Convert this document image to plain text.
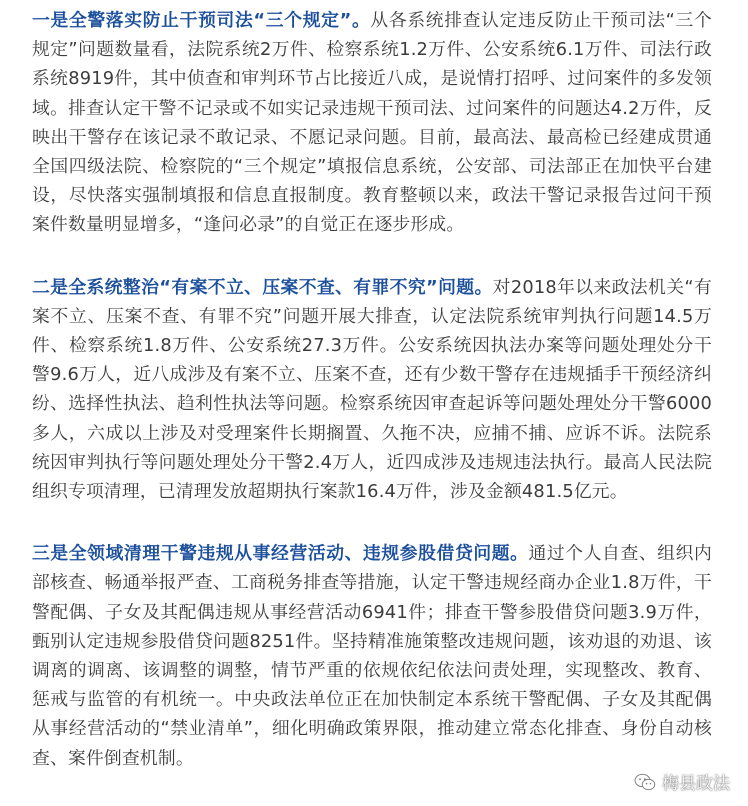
一是全警落实防止干预司法“三个规定”。从各系统排查认定违反防止干预司法“三个规定”问题数量看，法院系统2万件、检察系统1.2万件、公安系统6.1万件、司法行政系统8919件，其中侦查和审判环节占比接近八成，是说情打招呼、过问案件的多发领域。排查认定干警不记录或不如实记录违规干预司法、过问案件的问题达4.2万件，反映出干警存在该记录不敢记录、不愿记录问题。目前，最高法、最高检已经建成贯通全国四级法院、检察院的“三个规定”填报信息系统，公安部、司法部正在加快平台建设，尽快落实强制填报和信息直报制度。教育整顿以来，政法干警记录报告过问干预案件数量明显增多，“逢问必录”的自觉正在逐步形成。

二是全系统整治“有案不立、压案不查、有罪不究”问题。对2018年以来政法机关“有案不立、压案不查、有罪不究”问题开展大排查，认定法院系统审判执行问题14.5万件、检察系统1.8万件、公安系统27.3万件。公安系统因执法办案等问题处理处分干警9.6万人，近八成涉及有案不立、压案不查，还有少数干警存在违规插手干预经济纠纷、选择性执法、趋利性执法等问题。检察系统因审查起诉等问题处理处分干警6000多人，六成以上涉及对受理案件长期搁置、久拖不决，应捕不捕、应诉不诉。法院系统因审判执行等问题处理处分干警2.4万人，近四成涉及违规违法执行。最高人民法院组织专项清理，已清理发放超期执行案款16.4万件，涉及金额481.5亿元。

三是全领域清理干警违规从事经营活动、违规参股借贷问题。通过个人自查、组织内部核查、畅通举报严查、工商税务排查等措施，认定干警违规经商办企业1.8万件，干警配偶、子女及其配偶违规从事经营活动6941件；排查干警参股借贷问题3.9万件，甄别认定违规参股借贷问题8251件。坚持精准施策整改违规问题，该劝退的劝退、该调离的调离、该调整的调整，情节严重的依规依纪依法问责处理，实现整改、教育、惩戒与监管的有机统一。中央政法单位正在加快制定本系统干警配偶、子女及其配偶从事经营活动的“禁业清单”，细化明确政策界限，推动建立常态化排查、身份自动核查、案件倒查机制。

梅县政法
